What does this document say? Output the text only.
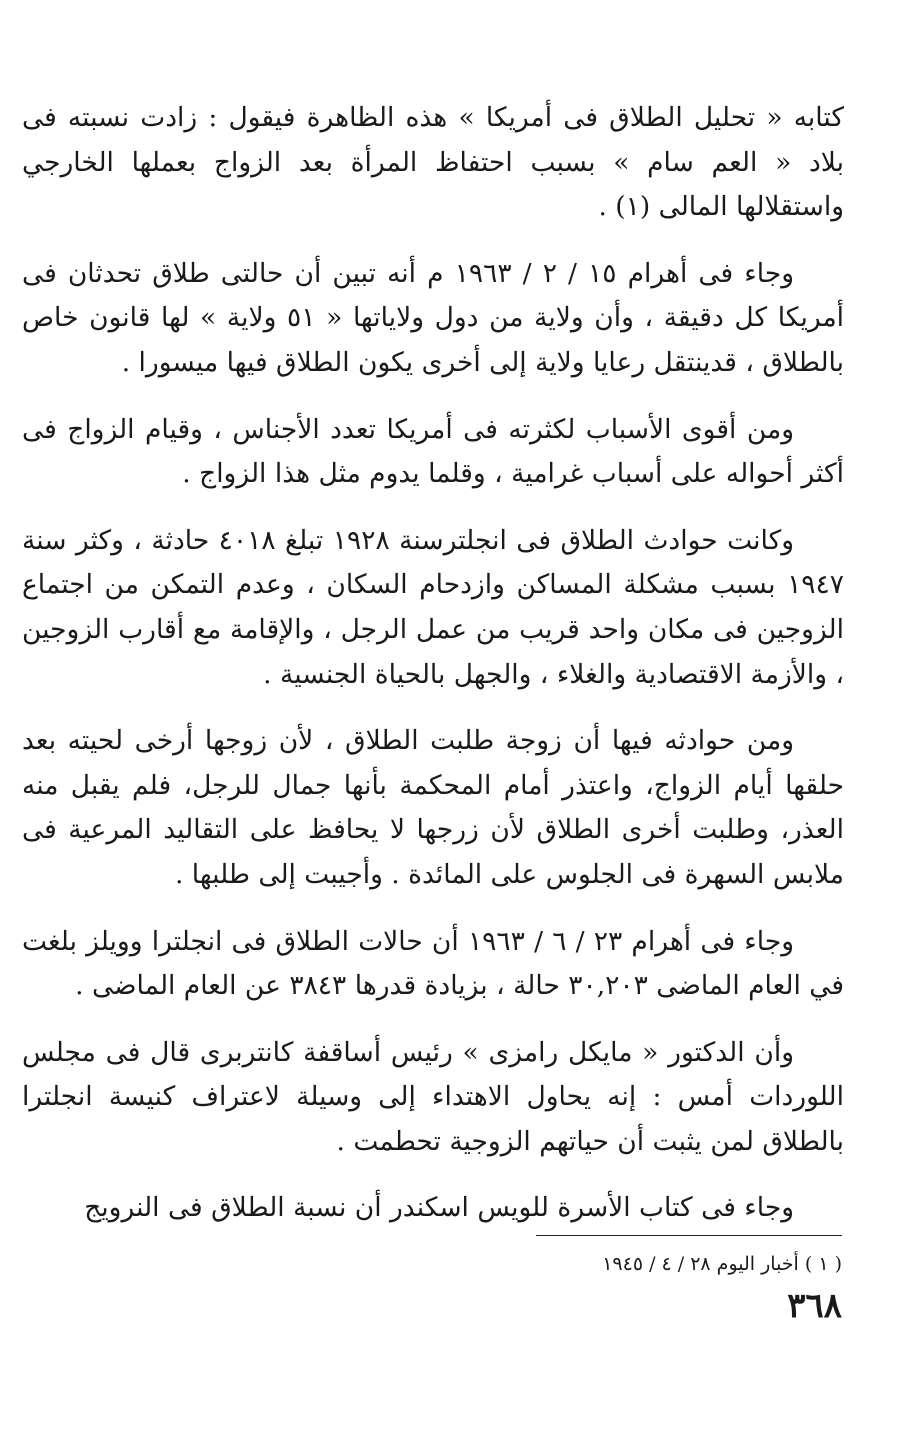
كتابه « تحليل الطلاق فى أمريكا » هذه الظاهرة فيقول : زادت نسبته فى بلاد « العم سام » بسبب احتفاظ المرأة بعد الزواج بعملها الخارجي واستقلالها المالى (١) .

وجاء فى أهرام ١٥ / ٢ / ١٩٦٣ م أنه تبين أن حالتى طلاق تحدثان فى أمريكا كل دقيقة ، وأن ولاية من دول ولاياتها « ٥١ ولاية » لها قانون خاص بالطلاق ، قدينتقل رعايا ولاية إلى أخرى يكون الطلاق فيها ميسورا .

ومن أقوى الأسباب لكثرته فى أمريكا تعدد الأجناس ، وقيام الزواج فى أكثر أحواله على أسباب غرامية ، وقلما يدوم مثل هذا الزواج .

وكانت حوادث الطلاق فى انجلترسنة ١٩٢٨ تبلغ ٤٠١٨ حادثة ، وكثر سنة ١٩٤٧ بسبب مشكلة المساكن وازدحام السكان ، وعدم التمكن من اجتماع الزوجين فى مكان واحد قريب من عمل الرجل ، والإقامة مع أقارب الزوجين ، والأزمة الاقتصادية والغلاء ، والجهل بالحياة الجنسية .

ومن حوادثه فيها أن زوجة طلبت الطلاق ، لأن زوجها أرخى لحيته بعد حلقها أيام الزواج، واعتذر أمام المحكمة بأنها جمال للرجل، فلم يقبل منه العذر، وطلبت أخرى الطلاق لأن زرجها لا يحافظ على التقاليد المرعية فى ملابس السهرة فى الجلوس على المائدة . وأجيبت إلى طلبها .

وجاء فى أهرام ٢٣ / ٦ / ١٩٦٣ أن حالات الطلاق فى انجلترا وويلز بلغت في العام الماضى ٣٠,٢٠٣ حالة ، بزيادة قدرها ٣٨٤٣ عن العام الماضى .

وأن الدكتور « مايكل رامزى » رئيس أساقفة كانتربرى قال فى مجلس اللوردات أمس : إنه يحاول الاهتداء إلى وسيلة لاعتراف كنيسة انجلترا بالطلاق لمن يثبت أن حياتهم الزوجية تحطمت .

وجاء فى كتاب الأسرة للويس اسكندر أن نسبة الطلاق فى النرويج

( ١ ) أخبار اليوم ٢٨ / ٤ / ١٩٤٥
٣٦٨
